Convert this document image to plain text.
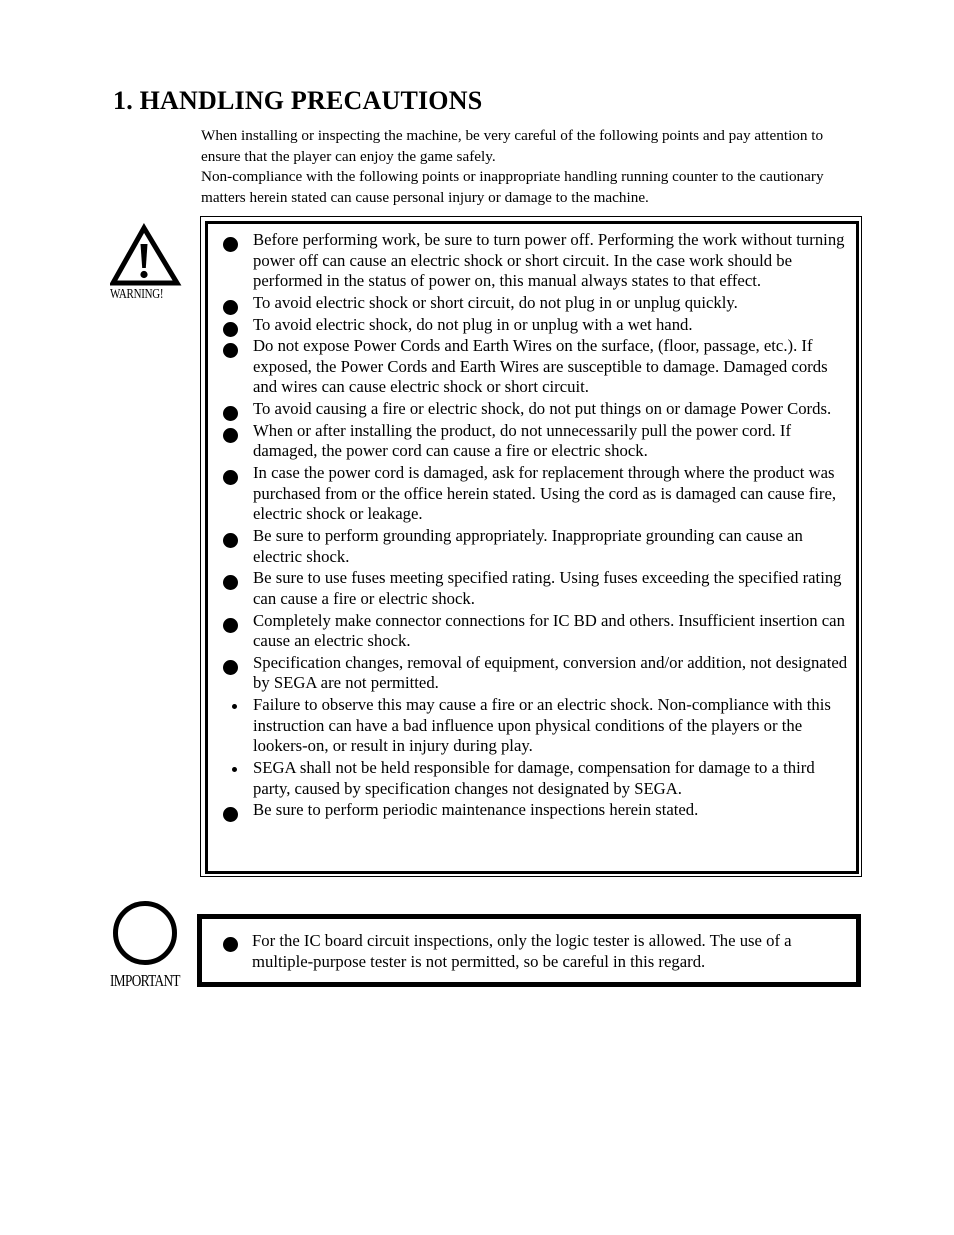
1. HANDLING PRECAUTIONS

When installing or inspecting the machine, be very careful of the following points and pay attention to ensure that the player can enjoy the game safely.

Non-compliance with the following points or inappropriate handling running counter to the cautionary matters herein stated can cause personal injury or damage to the machine.

WARNING!
Before performing work, be sure to turn power off. Performing the work without turning power off can cause an electric shock or short circuit. In the case work should be performed in the status of power on, this manual always states to that effect.
To avoid electric shock or short circuit, do not plug in or unplug quickly.
To avoid electric shock, do not plug in or unplug with a wet hand.
Do not expose Power Cords and Earth Wires on the surface, (floor, passage, etc.). If exposed, the Power Cords and Earth Wires are susceptible to damage. Damaged cords and wires can cause electric shock or short circuit.
To avoid causing a fire or electric shock, do not put things on or damage Power Cords.
When or after installing the product, do not unnecessarily pull the power cord. If damaged, the power cord can cause a fire or electric shock.
In case the power cord is damaged, ask for replacement through where the product was purchased from or the office herein stated. Using the cord as is damaged can cause fire, electric shock or leakage.
Be sure to perform grounding appropriately. Inappropriate grounding can cause an electric shock.
Be sure to use fuses meeting specified rating. Using fuses exceeding the specified rating can cause a fire or electric shock.
Completely make connector connections for IC BD and others. Insufficient insertion can cause an electric shock.
Specification changes, removal of equipment, conversion and/or addition, not designated by SEGA are not permitted.
Failure to observe this may cause a fire or an electric shock. Non-compliance with this instruction can have a bad influence upon physical conditions of the players or the lookers-on, or result in injury during play.
SEGA shall not be held responsible for damage, compensation for damage to a third party, caused by specification changes not designated by SEGA.
Be sure to perform periodic maintenance inspections herein stated.
IMPORTANT
For the IC board circuit inspections, only the logic tester is allowed. The use of a multiple-purpose tester is not permitted, so be careful in this regard.
